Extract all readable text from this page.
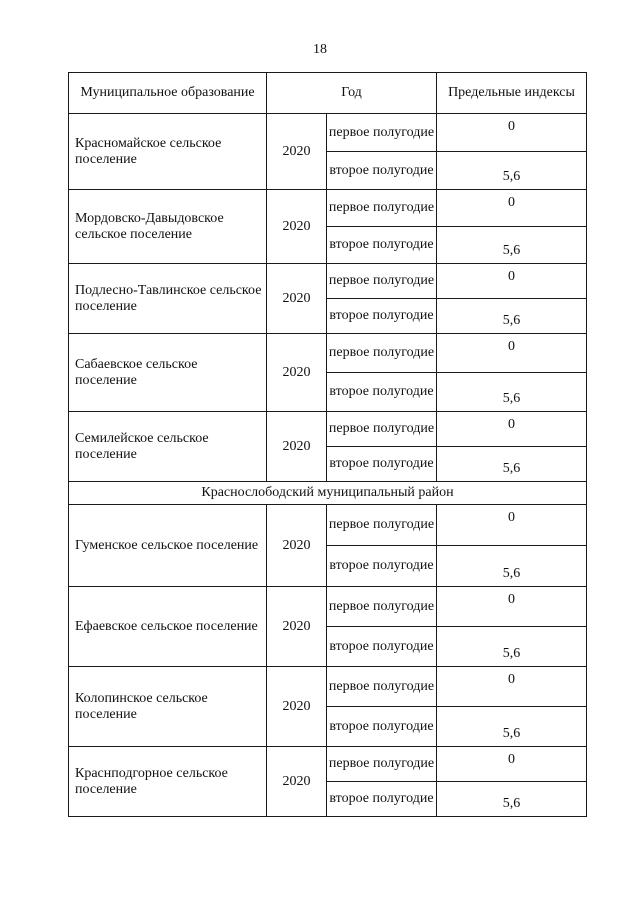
18
Муниципальное образование	Год		Предельные индексы
Красномайское сельское поселение	2020	первое полугодие	0
		второе полугодие	5,6
Мордовско-Давыдовское сельское поселение	2020	первое полугодие	0
		второе полугодие	5,6
Подлесно-Тавлинское сельское поселение	2020	первое полугодие	0
		второе полугодие	5,6
Сабаевское сельское поселение	2020	первое полугодие	0
		второе полугодие	5,6
Семилейское сельское поселение	2020	первое полугодие	0
		второе полугодие	5,6
Краснослободский муниципальный район			
Гуменское сельское поселение	2020	первое полугодие	0
		второе полугодие	5,6
Ефаевское сельское поселение	2020	первое полугодие	0
		второе полугодие	5,6
Колопинское сельское поселение	2020	первое полугодие	0
		второе полугодие	5,6
Краснподгорное сельское поселение	2020	первое полугодие	0
		второе полугодие	5,6
